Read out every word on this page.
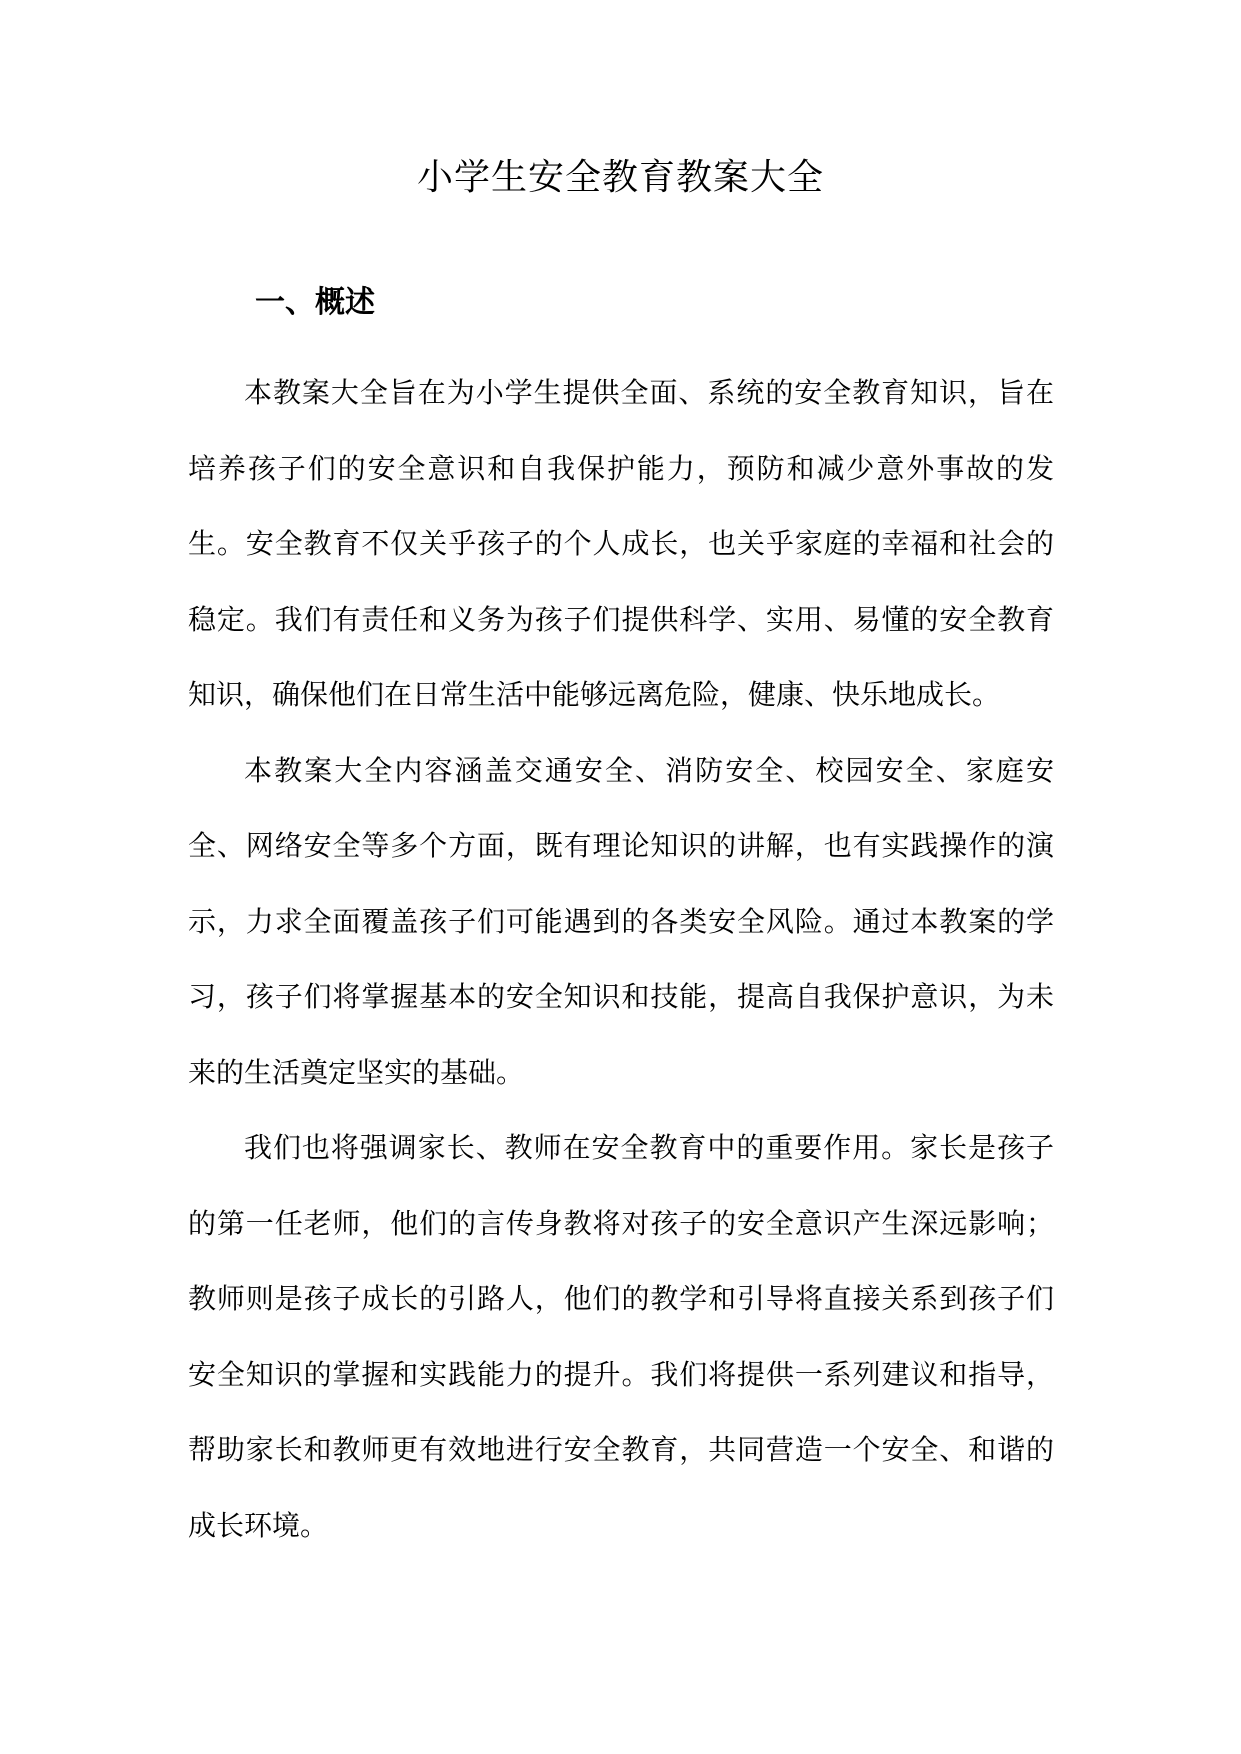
小学生安全教育教案大全
一、概述

本教案大全旨在为小学生提供全面、系统的安全教育知识，旨在培养孩子们的安全意识和自我保护能力，预防和减少意外事故的发生。安全教育不仅关乎孩子的个人成长，也关乎家庭的幸福和社会的稳定。我们有责任和义务为孩子们提供科学、实用、易懂的安全教育知识，确保他们在日常生活中能够远离危险，健康、快乐地成长。

本教案大全内容涵盖交通安全、消防安全、校园安全、家庭安全、网络安全等多个方面，既有理论知识的讲解，也有实践操作的演示，力求全面覆盖孩子们可能遇到的各类安全风险。通过本教案的学习，孩子们将掌握基本的安全知识和技能，提高自我保护意识，为未来的生活奠定坚实的基础。

我们也将强调家长、教师在安全教育中的重要作用。家长是孩子的第一任老师，他们的言传身教将对孩子的安全意识产生深远影响；教师则是孩子成长的引路人，他们的教学和引导将直接关系到孩子们安全知识的掌握和实践能力的提升。我们将提供一系列建议和指导，帮助家长和教师更有效地进行安全教育，共同营造一个安全、和谐的成长环境。
